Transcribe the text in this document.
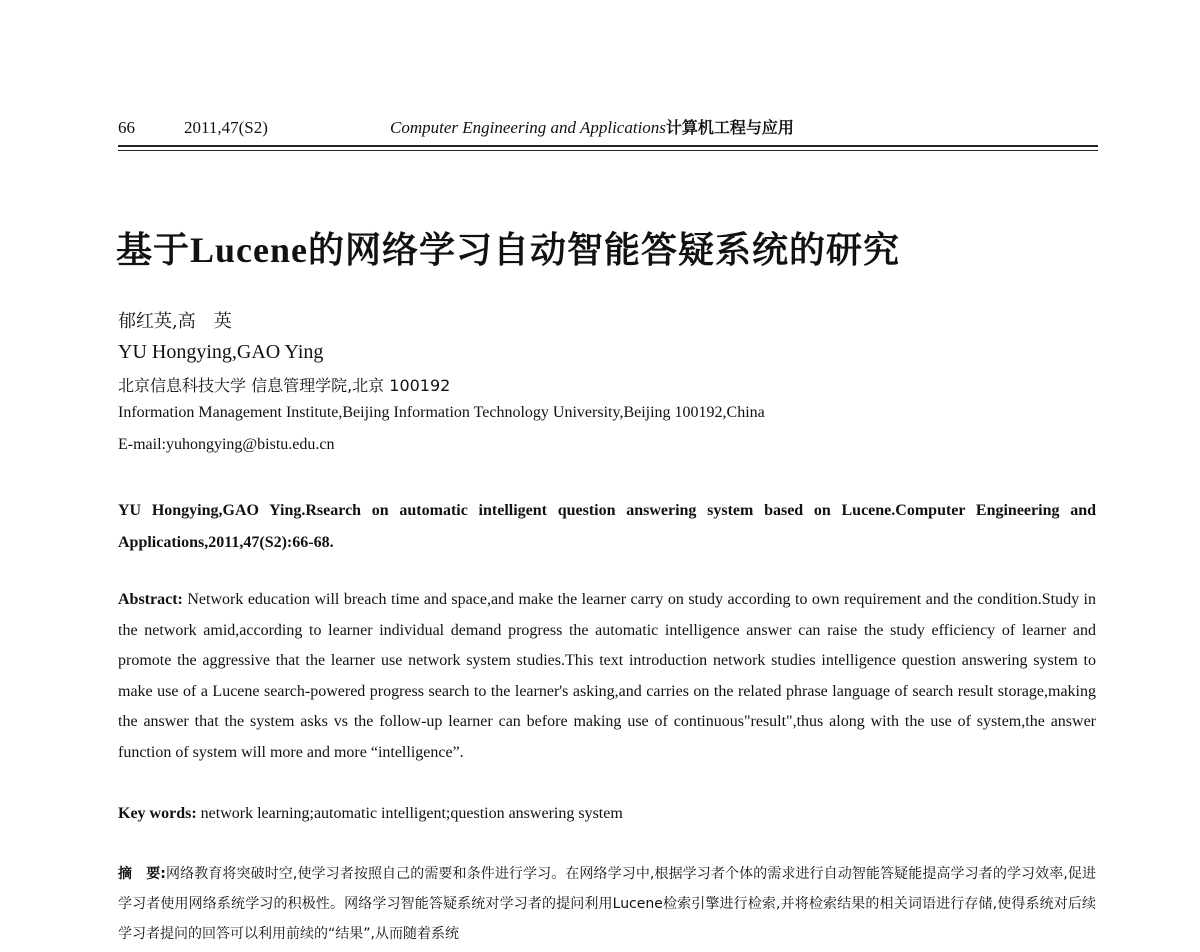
66	2011,47(S2)	Computer Engineering and Applications计算机工程与应用
基于Lucene的网络学习自动智能答疑系统的研究
郁红英,高　英
YU Hongying,GAO Ying
北京信息科技大学 信息管理学院,北京 100192
Information Management Institute,Beijing Information Technology University,Beijing 100192,China
E-mail:yuhongying@bistu.edu.cn

YU Hongying,GAO Ying.Rsearch on automatic intelligent question answering system based on Lucene.Computer Engineering and Applications,2011,47(S2):66-68.

Abstract: Network education will breach time and space,and make the learner carry on study according to own requirement and the condition.Study in the network amid,according to learner individual demand progress the automatic intelligence answer can raise the study efficiency of learner and promote the aggressive that the learner use network system studies.This text introduction network studies intelligence question answering system to make use of a Lucene search-powered progress search to the learner's asking,and carries on the related phrase language of search result storage,making the answer that the system asks vs the follow-up learner can before making use of continuous"result",thus along with the use of system,the answer function of system will more and more “intelligence”.

Key words: network learning;automatic intelligent;question answering system

摘　要:网络教育将突破时空,使学习者按照自己的需要和条件进行学习。在网络学习中,根据学习者个体的需求进行自动智能答疑能提高学习者的学习效率,促进学习者使用网络系统学习的积极性。网络学习智能答疑系统对学习者的提问利用Lucene检索引擎进行检索,并将检索结果的相关词语进行存储,使得系统对后续学习者提问的回答可以利用前续的“结果”,从而随着系统
